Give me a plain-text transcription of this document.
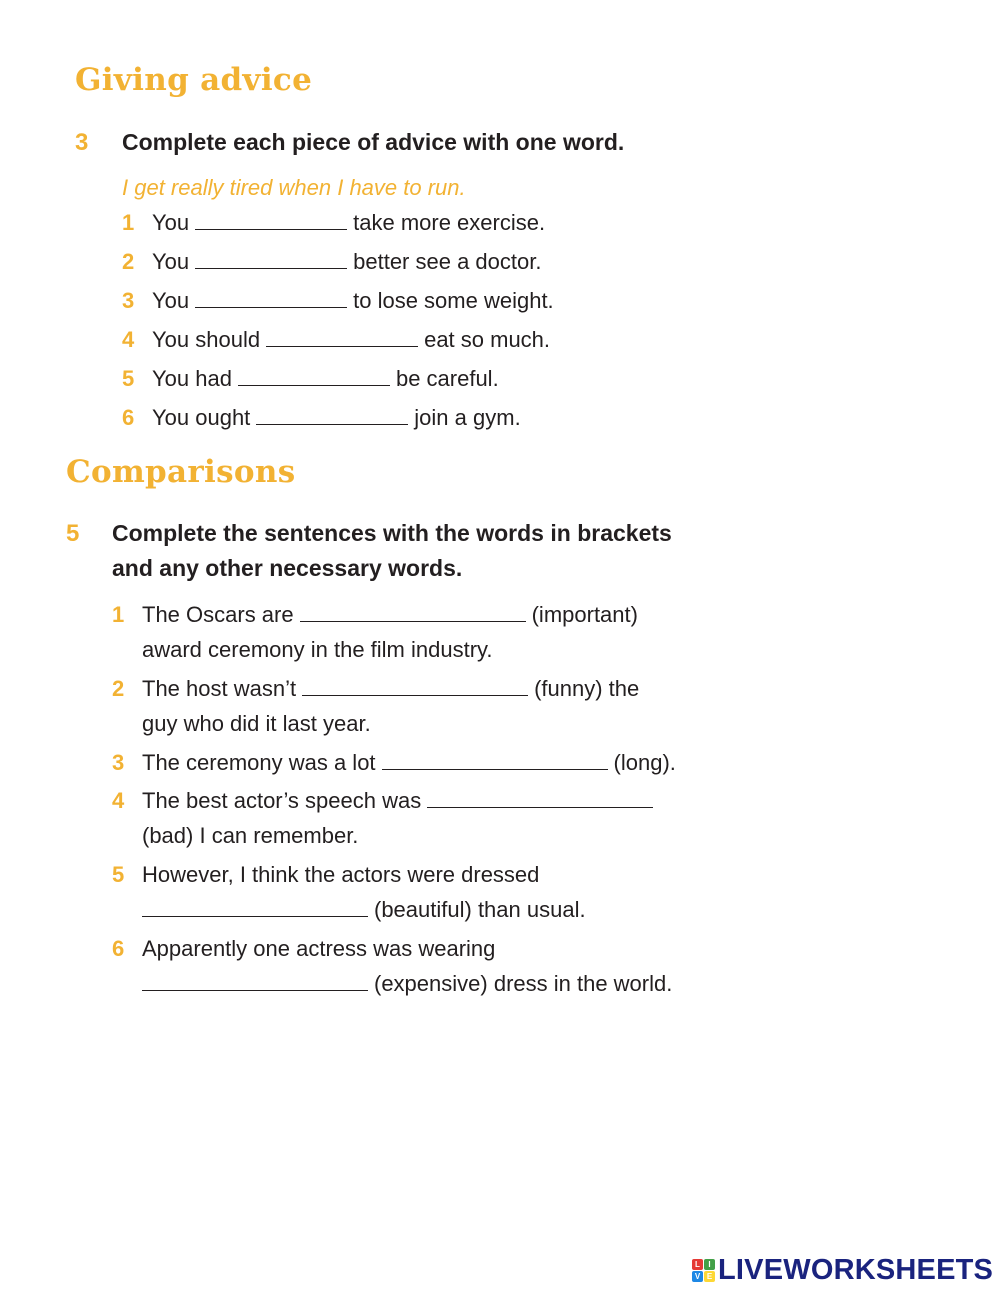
Giving advice
3 Complete each piece of advice with one word.
I get really tired when I have to run.
1 You	take more exercise.
2 You	better see a doctor.
3 You	to lose some weight.
4 You should	eat so much.
5 You had	be careful.
6 You ought	join a gym.
Comparisons
5 Complete the sentences with the words in brackets
and any other necessary words.
1 The Oscars are	(important)
award ceremony in the film industry.
2 The host wasn’t	(funny) the
guy who did it last year.
3 The ceremony was a lot	(long).
4 The best actor’s speech was
(bad) I can remember.
5 However, I think the actors were dressed
(beautiful) than usual.
6 Apparently one actress was wearing
(expensive) dress in the world.
L	I
V E LIVEWORKSHEETS
